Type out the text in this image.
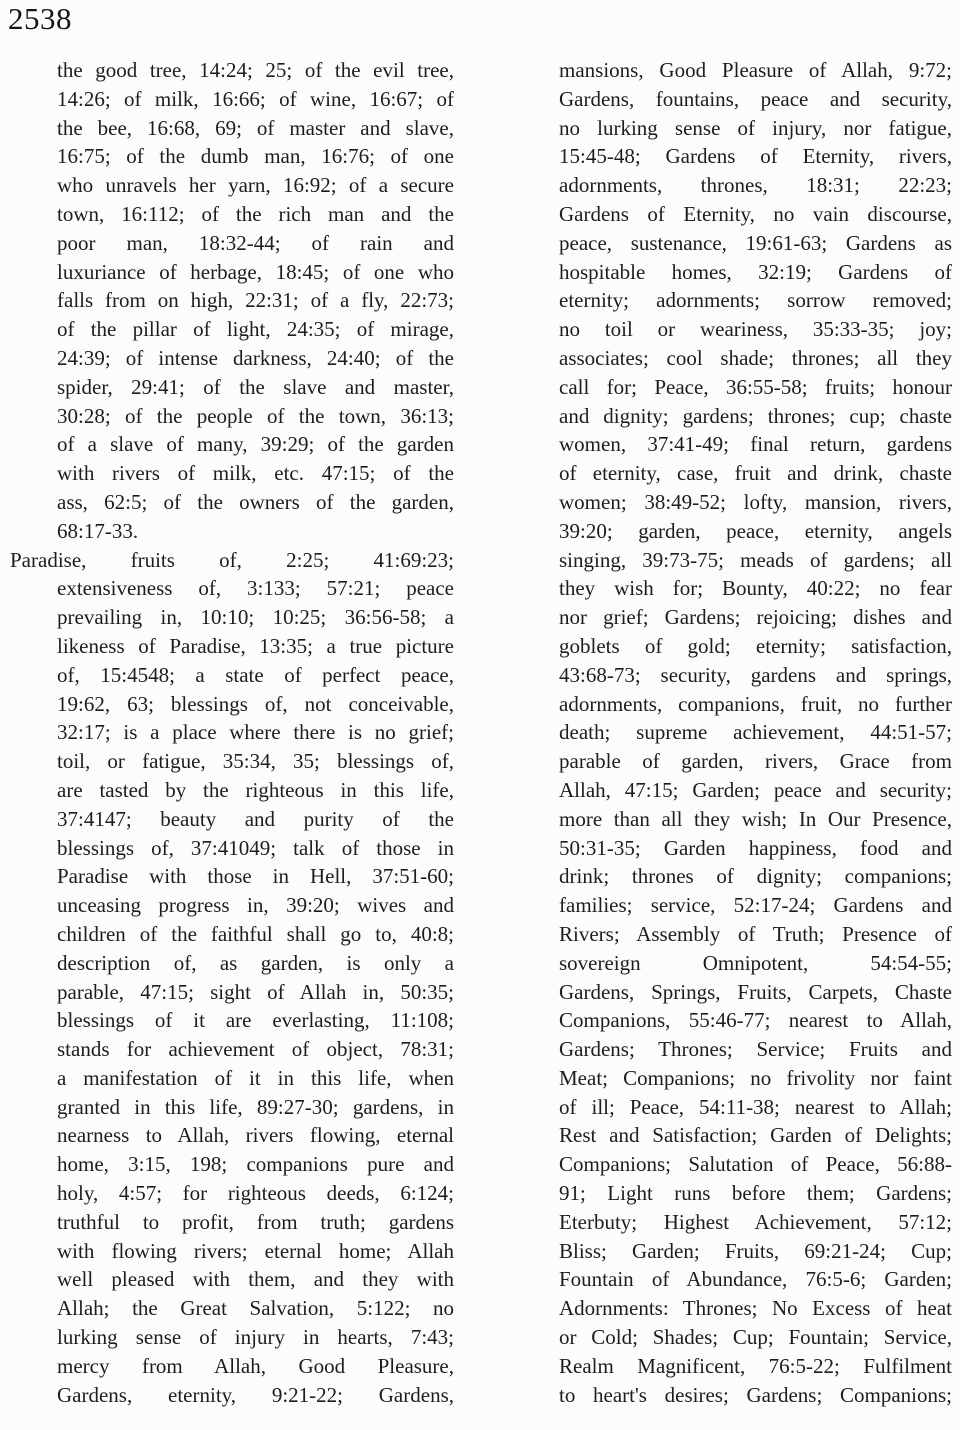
2538
the good tree, 14:24; 25; of the evil tree,
14:26; of milk, 16:66; of wine, 16:67; of
the bee, 16:68, 69; of master and slave,
16:75; of the dumb man, 16:76; of one
who unravels her yarn, 16:92; of a secure
town, 16:112; of the rich man and the
poor man, 18:32-44; of rain and
luxuriance of herbage, 18:45; of one who
falls from on high, 22:31; of a fly, 22:73;
of the pillar of light, 24:35; of mirage,
24:39; of intense darkness, 24:40; of the
spider, 29:41; of the slave and master,
30:28; of the people of the town, 36:13;
of a slave of many, 39:29; of the garden
with rivers of milk, etc. 47:15; of the
ass, 62:5; of the owners of the garden,
68:17-33.
Paradise, fruits of, 2:25; 41:69:23;
extensiveness of, 3:133; 57:21; peace
prevailing in, 10:10; 10:25; 36:56-58; a
likeness of Paradise, 13:35; a true picture
of, 15:4548; a state of perfect peace,
19:62, 63; blessings of, not conceivable,
32:17; is a place where there is no grief;
toil, or fatigue, 35:34, 35; blessings of,
are tasted by the righteous in this life,
37:4147; beauty and purity of the
blessings of, 37:41049; talk of those in
Paradise with those in Hell, 37:51-60;
unceasing progress in, 39:20; wives and
children of the faithful shall go to, 40:8;
description of, as garden, is only a
parable, 47:15; sight of Allah in, 50:35;
blessings of it are everlasting, 11:108;
stands for achievement of object, 78:31;
a manifestation of it in this life, when
granted in this life, 89:27-30; gardens, in
nearness to Allah, rivers flowing, eternal
home, 3:15, 198; companions pure and
holy, 4:57; for righteous deeds, 6:124;
truthful to profit, from truth; gardens
with flowing rivers; eternal home; Allah
well pleased with them, and they with
Allah; the Great Salvation, 5:122; no
lurking sense of injury in hearts, 7:43;
mercy from Allah, Good Pleasure,
Gardens, eternity, 9:21-22; Gardens,
mansions, Good Pleasure of Allah, 9:72;
Gardens, fountains, peace and security,
no lurking sense of injury, nor fatigue,
15:45-48; Gardens of Eternity, rivers,
adornments, thrones, 18:31; 22:23;
Gardens of Eternity, no vain discourse,
peace, sustenance, 19:61-63; Gardens as
hospitable homes, 32:19; Gardens of
eternity; adornments; sorrow removed;
no toil or weariness, 35:33-35; joy;
associates; cool shade; thrones; all they
call for; Peace, 36:55-58; fruits; honour
and dignity; gardens; thrones; cup; chaste
women, 37:41-49; final return, gardens
of eternity, case, fruit and drink, chaste
women; 38:49-52; lofty, mansion, rivers,
39:20; garden, peace, eternity, angels
singing, 39:73-75; meads of gardens; all
they wish for; Bounty, 40:22; no fear
nor grief; Gardens; rejoicing; dishes and
goblets of gold; eternity; satisfaction,
43:68-73; security, gardens and springs,
adornments, companions, fruit, no further
death; supreme achievement, 44:51-57;
parable of garden, rivers, Grace from
Allah, 47:15; Garden; peace and security;
more than all they wish; In Our Presence,
50:31-35; Garden happiness, food and
drink; thrones of dignity; companions;
families; service, 52:17-24; Gardens and
Rivers; Assembly of Truth; Presence of
sovereign Omnipotent, 54:54-55;
Gardens, Springs, Fruits, Carpets, Chaste
Companions, 55:46-77; nearest to Allah,
Gardens; Thrones; Service; Fruits and
Meat; Companions; no frivolity nor faint
of ill; Peace, 54:11-38; nearest to Allah;
Rest and Satisfaction; Garden of Delights;
Companions; Salutation of Peace, 56:88-
91; Light runs before them; Gardens;
Eterbuty; Highest Achievement, 57:12;
Bliss; Garden; Fruits, 69:21-24; Cup;
Fountain of Abundance, 76:5-6; Garden;
Adornments: Thrones; No Excess of heat
or Cold; Shades; Cup; Fountain; Service,
Realm Magnificent, 76:5-22; Fulfilment
to heart's desires; Gardens; Companions;
